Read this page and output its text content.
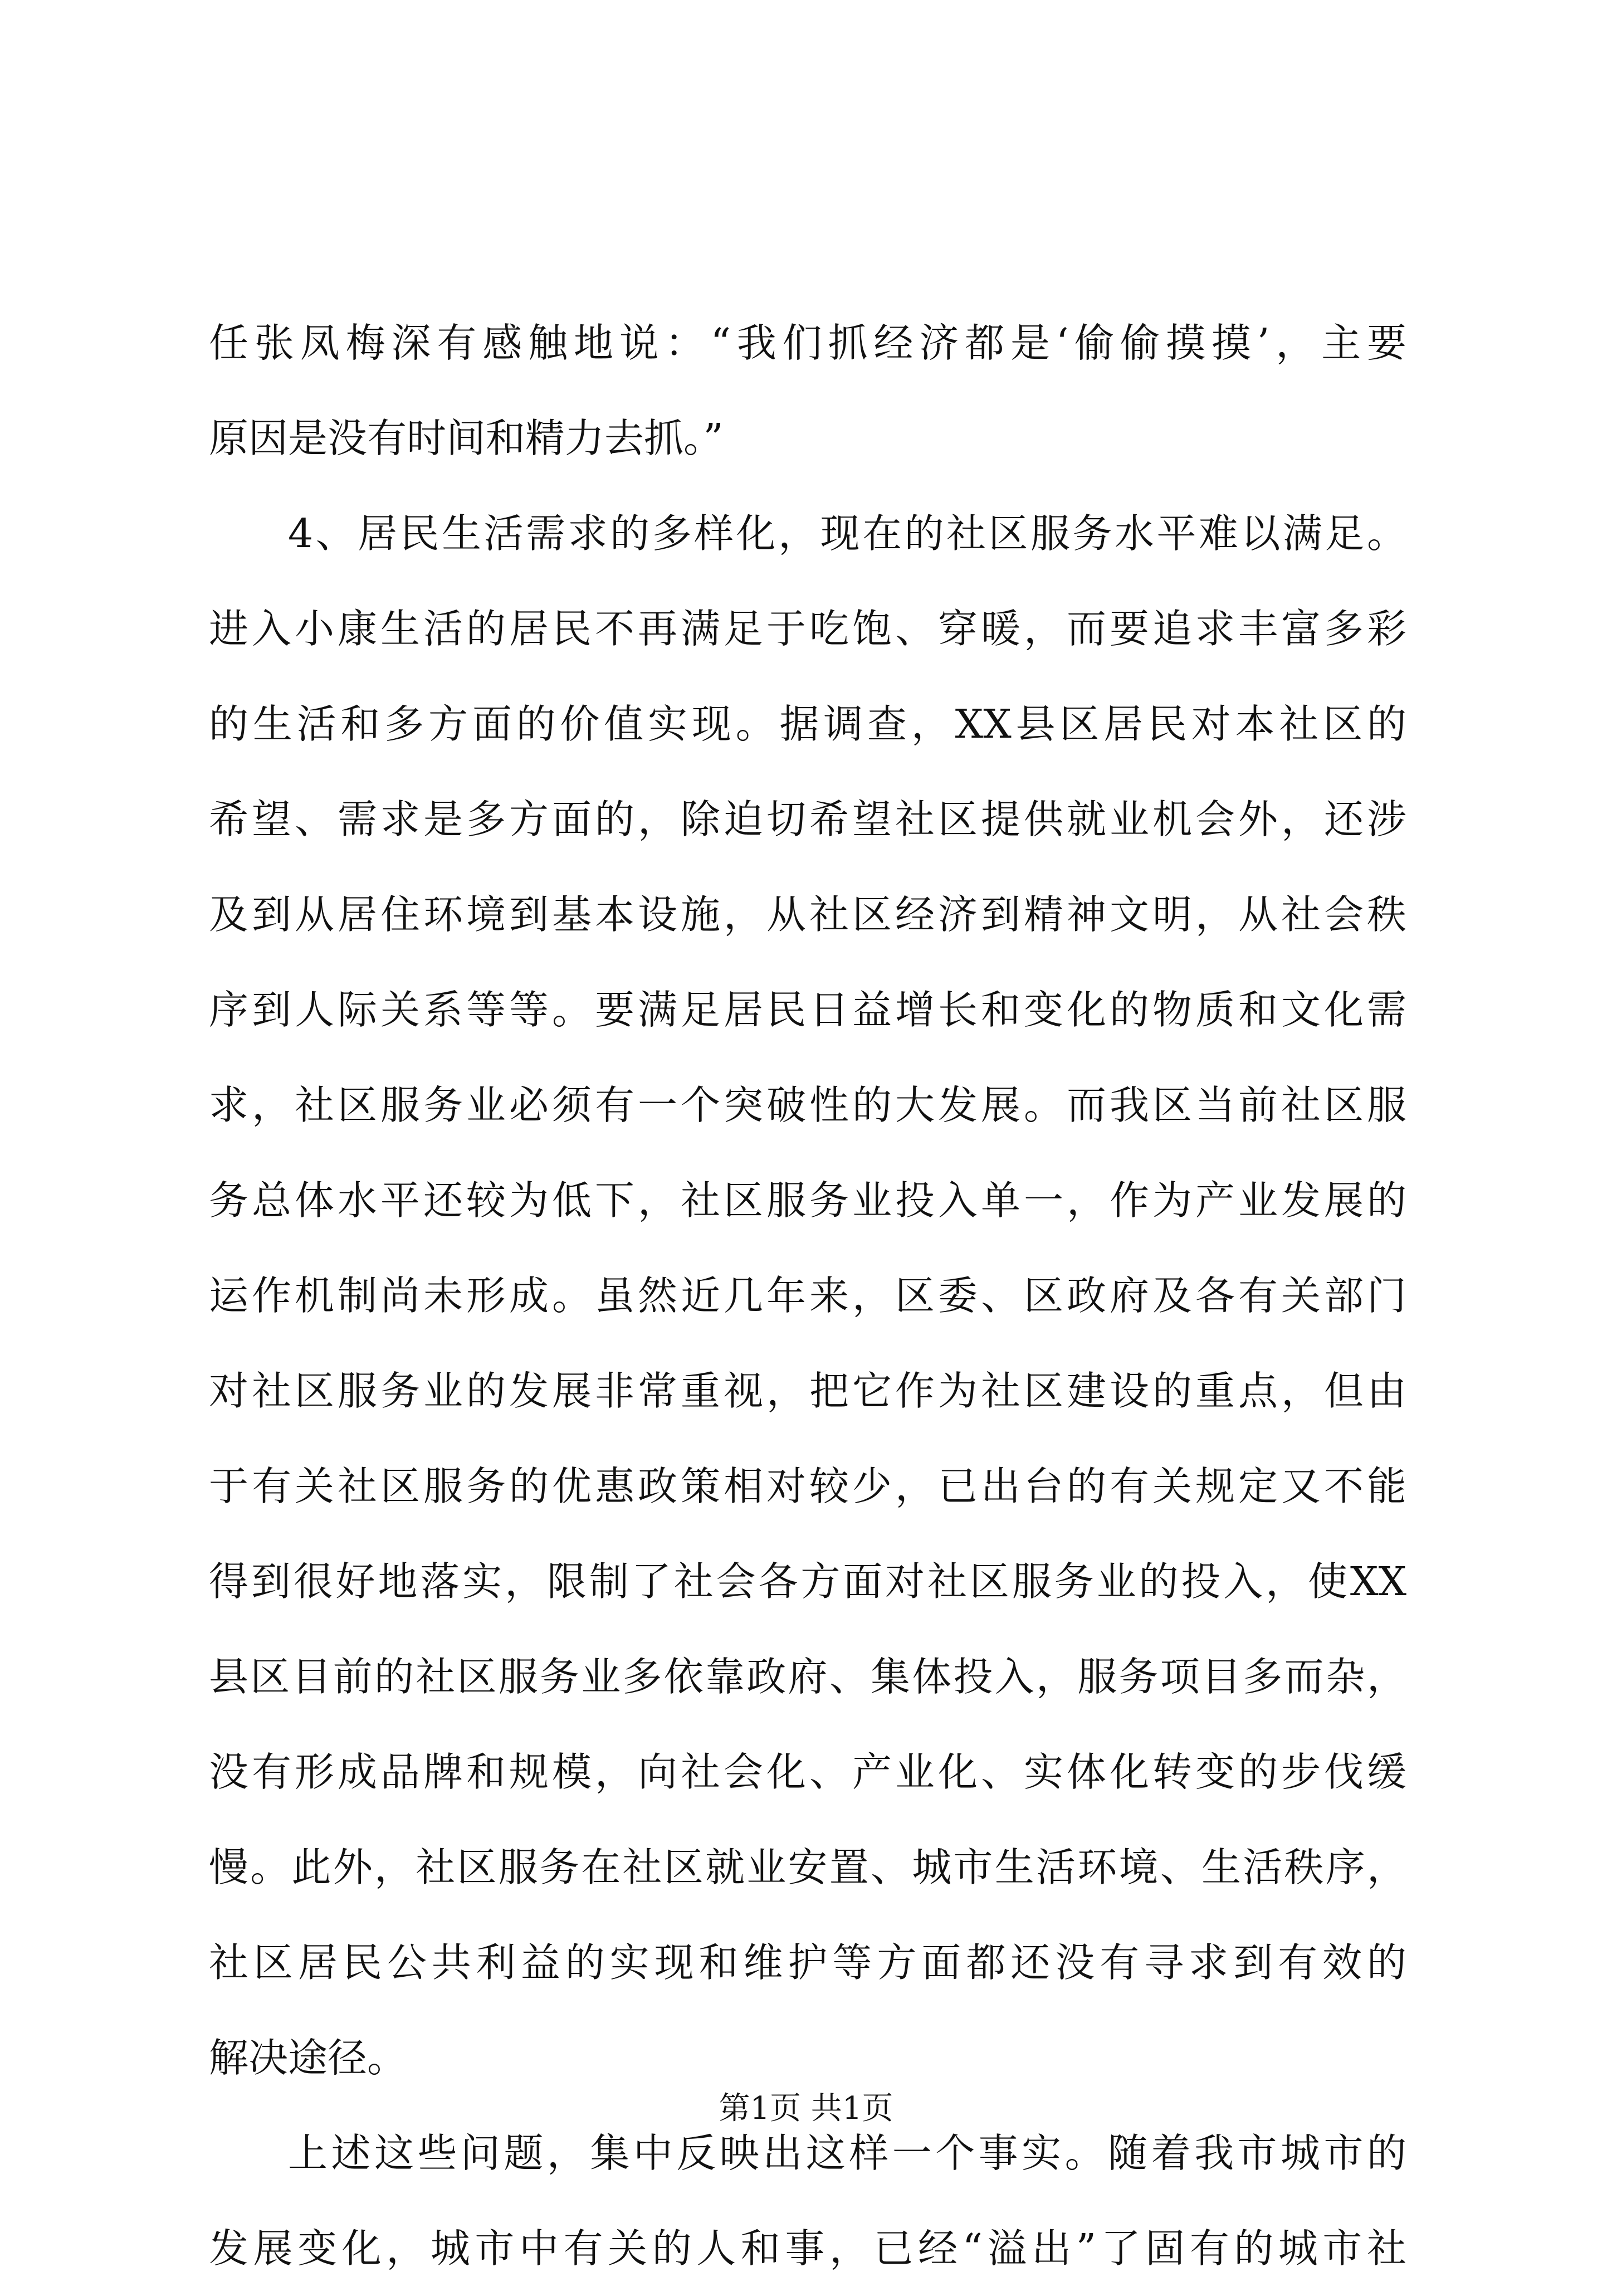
任张凤梅深有感触地说：“我们抓经济都是‘偷偷摸摸’，主要
原因是没有时间和精力去抓。”
4、居民生活需求的多样化，现在的社区服务水平难以满足。
进入小康生活的居民不再满足于吃饱、穿暖，而要追求丰富多彩
的生活和多方面的价值实现。据调查，XX县区居民对本社区的
希望、需求是多方面的，除迫切希望社区提供就业机会外，还涉
及到从居住环境到基本设施，从社区经济到精神文明，从社会秩
序到人际关系等等。要满足居民日益增长和变化的物质和文化需
求，社区服务业必须有一个突破性的大发展。而我区当前社区服
务总体水平还较为低下，社区服务业投入单一，作为产业发展的
运作机制尚未形成。虽然近几年来，区委、区政府及各有关部门
对社区服务业的发展非常重视，把它作为社区建设的重点，但由
于有关社区服务的优惠政策相对较少，已出台的有关规定又不能
得到很好地落实，限制了社会各方面对社区服务业的投入，使XX
县区目前的社区服务业多依靠政府、集体投入，服务项目多而杂，
没有形成品牌和规模，向社会化、产业化、实体化转变的步伐缓
慢。此外，社区服务在社区就业安置、城市生活环境、生活秩序，
社区居民公共利益的实现和维护等方面都还没有寻求到有效的
解决途径。
上述这些问题，集中反映出这样一个事实。随着我市城市的
发展变化，城市中有关的人和事，已经“溢出”了固有的城市社
第1页 共1页
